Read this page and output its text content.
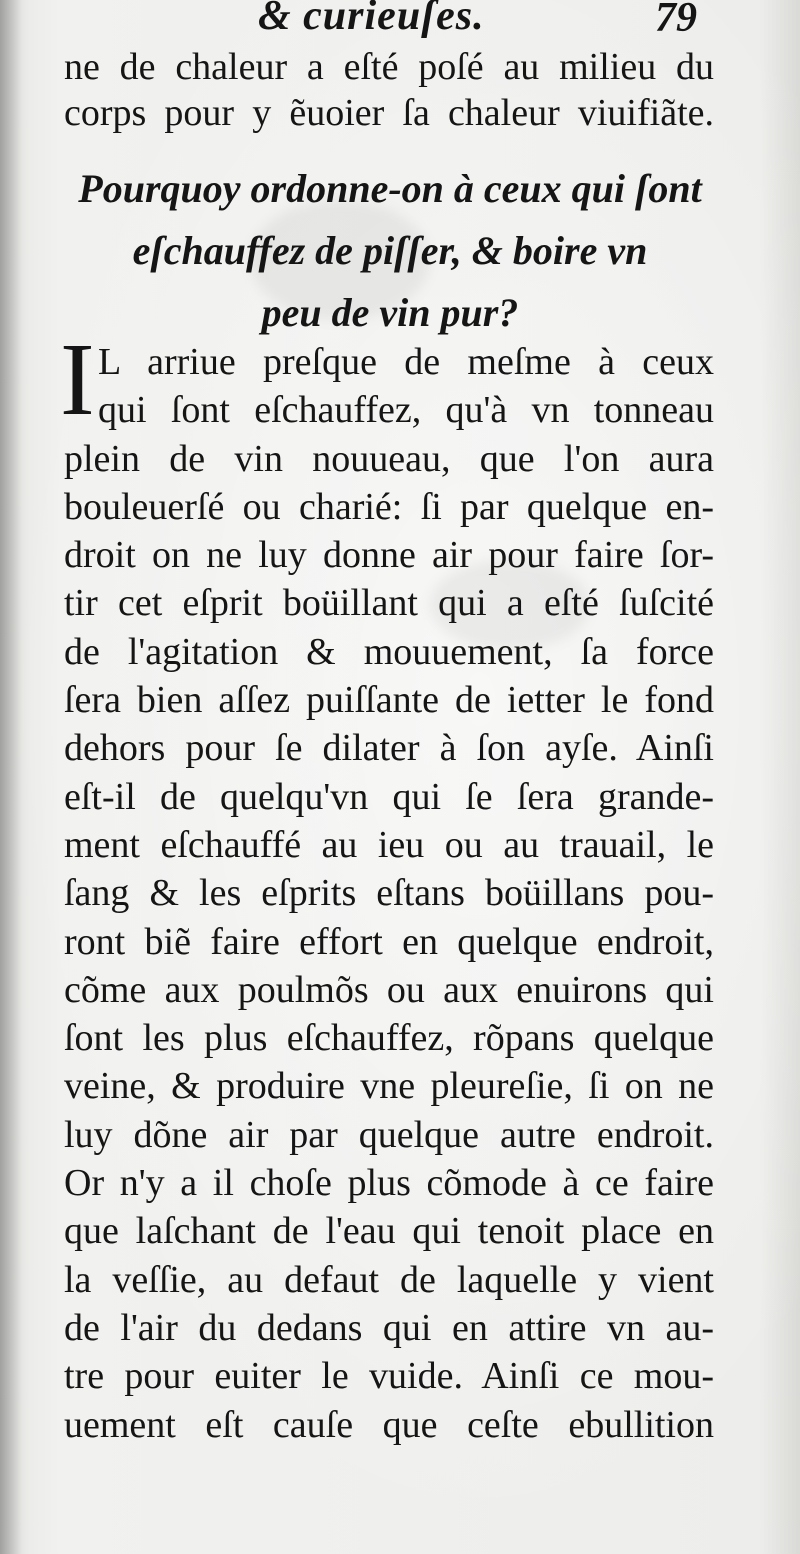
& curieuſes.	79
ne de chaleur a eſté poſé au milieu du
corps pour y ẽuoier ſa chaleur viuifiãte.
Pourquoy ordonne-on à ceux qui ſont
eſchauffez de piſſer, & boire vn
peu de vin pur?
I L arriue preſque de meſme à ceux
qui ſont eſchauffez, qu'à vn tonneau
plein de vin nouueau, que l'on aura
bouleuerſé ou charié: ſi par quelque en-
droit on ne luy donne air pour faire ſor-
tir cet eſprit boüillant qui a eſté ſuſcité
de l'agitation & mouuement, ſa force
ſera bien aſſez puiſſante de ietter le fond
dehors pour ſe dilater à ſon ayſe. Ainſi
eſt-il de quelqu'vn qui ſe ſera grande-
ment eſchauffé au ieu ou au trauail, le
ſang & les eſprits eſtans boüillans pou-
ront biẽ faire effort en quelque endroit,
cõme aux poulmõs ou aux enuirons qui
ſont les plus eſchauffez, rõpans quelque
veine, & produire vne pleureſie, ſi on ne
luy dõne air par quelque autre endroit.
Or n'y a il choſe plus cõmode à ce faire
que laſchant de l'eau qui tenoit place en
la veſſie, au defaut de laquelle y vient
de l'air du dedans qui en attire vn au-
tre pour euiter le vuide. Ainſi ce mou-
uement eſt cauſe que ceſte ebullition
